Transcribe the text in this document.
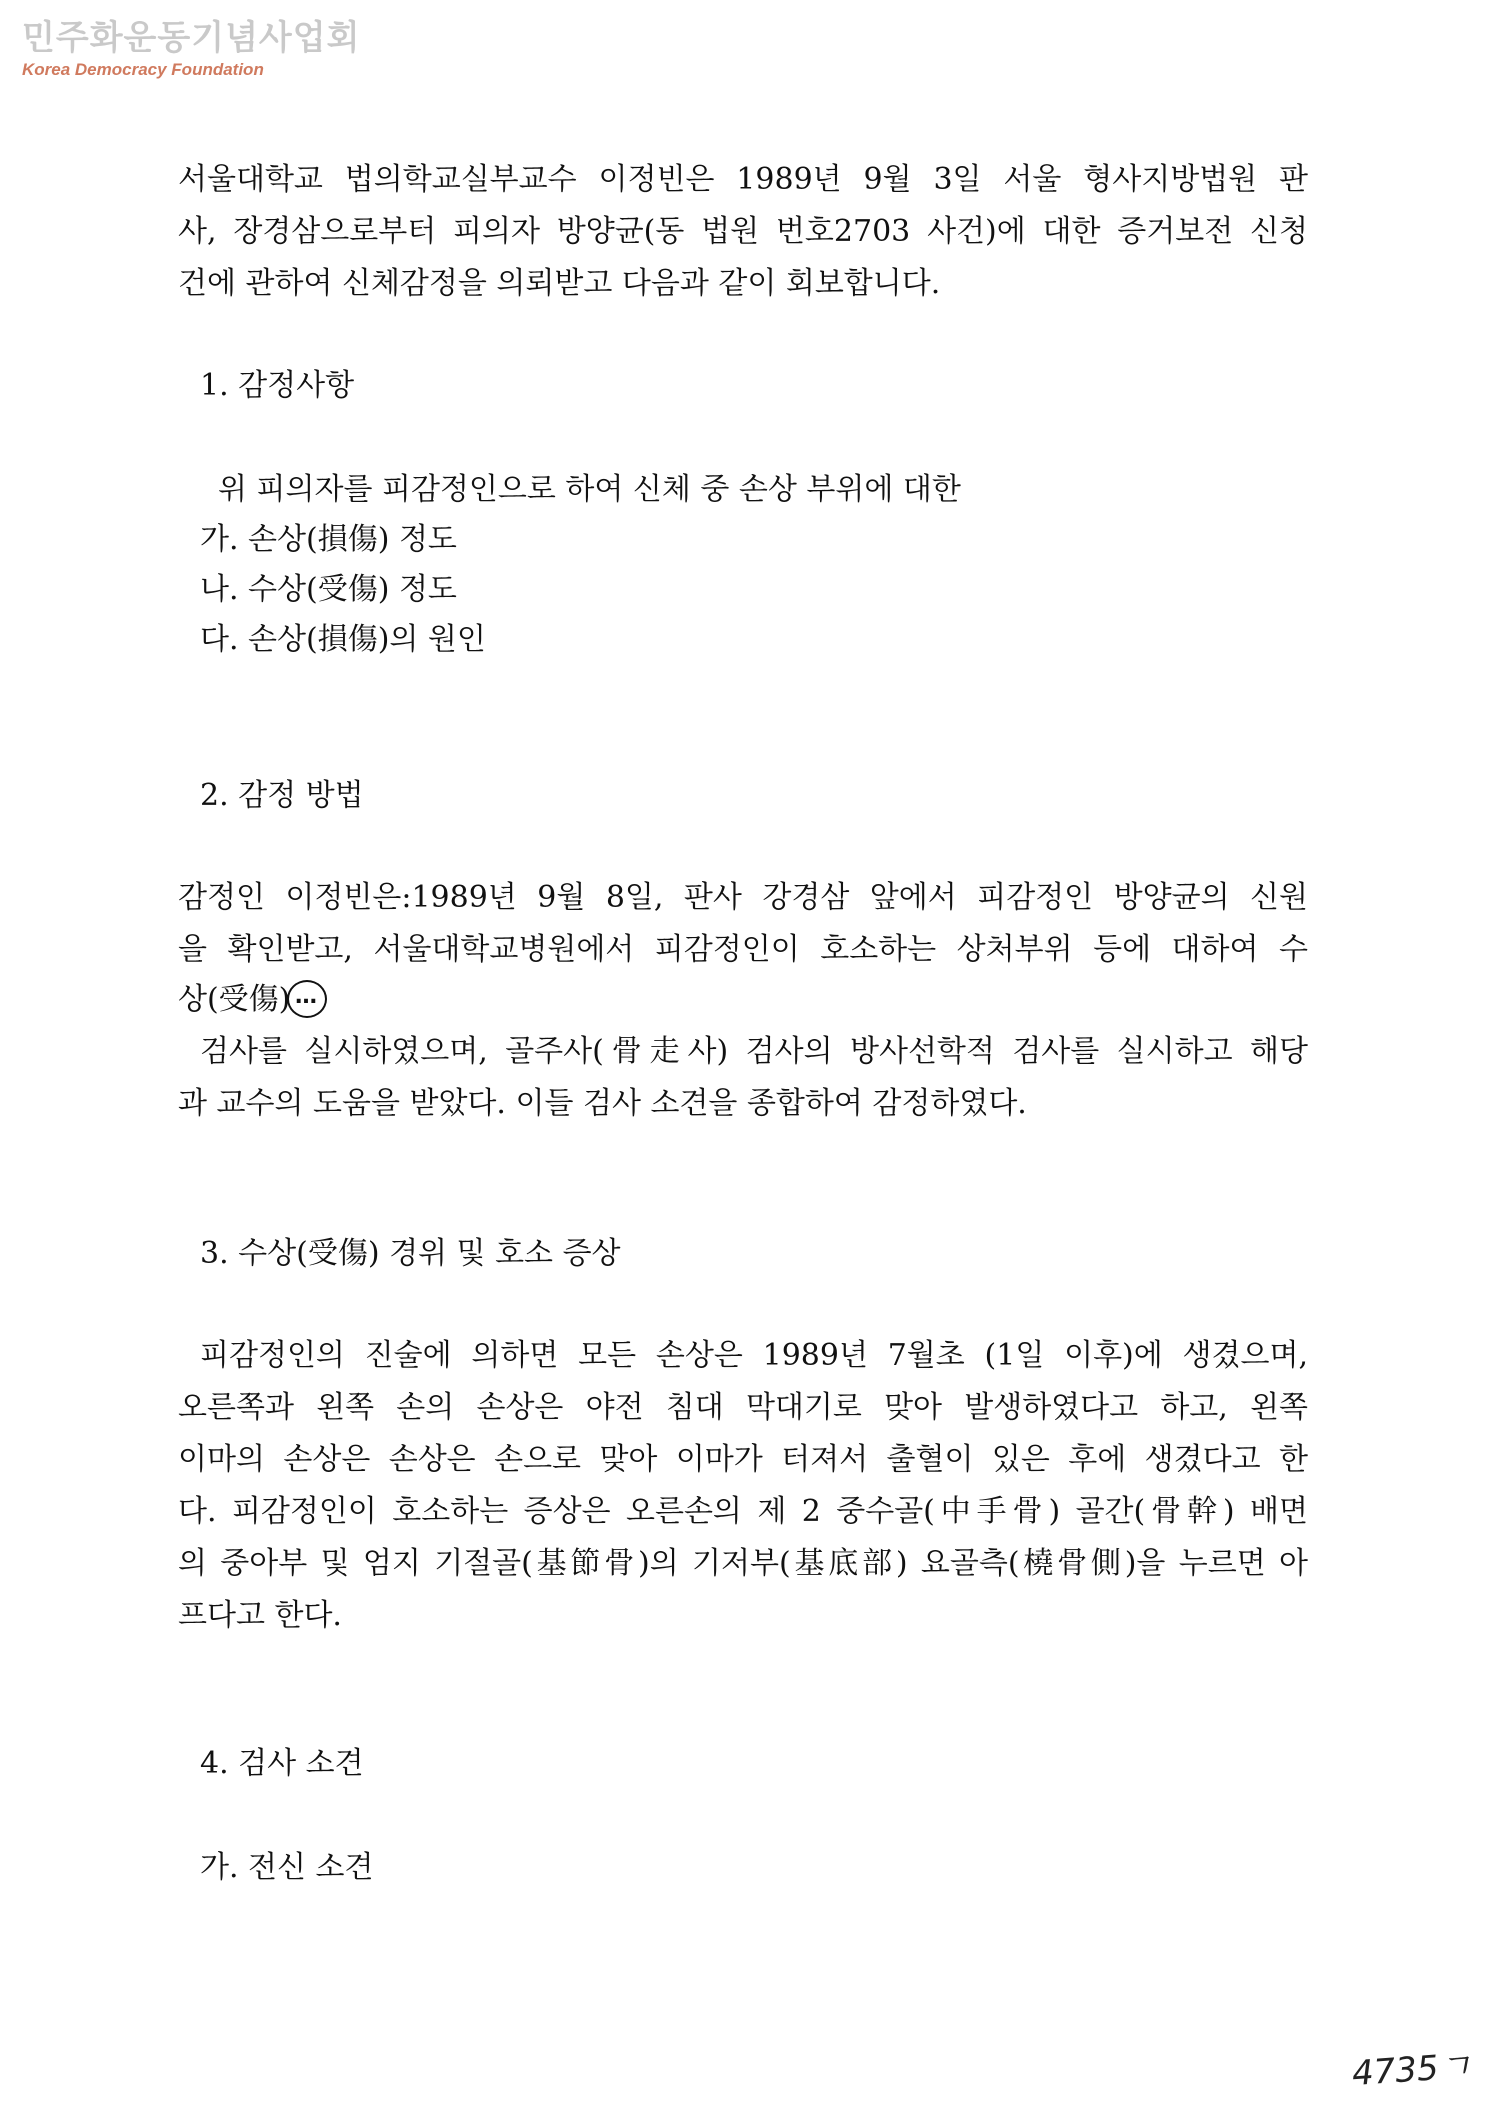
민주화운동기념사업회
Korea Democracy Foundation
서울대학교 법의학교실부교수 이정빈은 1989년 9월 3일 서울 형사지방법원 판
사, 장경삼으로부터 피의자 방양균(동 법원 번호2703 사건)에 대한 증거보전 신청
건에 관하여 신체감정을 의뢰받고 다음과 같이 회보합니다.
1. 감정사항
위 피의자를 피감정인으로 하여 신체 중 손상 부위에 대한
가. 손상(損傷) 정도
나. 수상(受傷) 정도
다. 손상(損傷)의 원인
2. 감정 방법
감정인 이정빈은:1989년 9월 8일, 판사 강경삼 앞에서 피감정인 방양균의 신원
을 확인받고, 서울대학교병원에서 피감정인이 호소하는 상처부위 등에 대하여 수
상(受傷) …
검사를 실시하였으며, 골주사(骨走사) 검사의 방사선학적 검사를 실시하고 해당
과 교수의 도움을 받았다. 이들 검사 소견을 종합하여 감정하였다.
3. 수상(受傷) 경위 및 호소 증상
피감정인의 진술에 의하면 모든 손상은 1989년 7월초 (1일 이후)에 생겼으며,
오른쪽과 왼쪽 손의 손상은 야전 침대 막대기로 맞아 발생하였다고 하고, 왼쪽
이마의 손상은 손상은 손으로 맞아 이마가 터져서 출혈이 있은 후에 생겼다고 한
다. 피감정인이 호소하는 증상은 오른손의 제 2 중수골(中手骨) 골간(骨幹) 배면
의 중아부 및 엄지 기절골(基節骨)의 기저부(基底部) 요골측(橈骨側)을 누르면 아
프다고 한다.
4. 검사 소견
가. 전신 소견
4735ㄱ
